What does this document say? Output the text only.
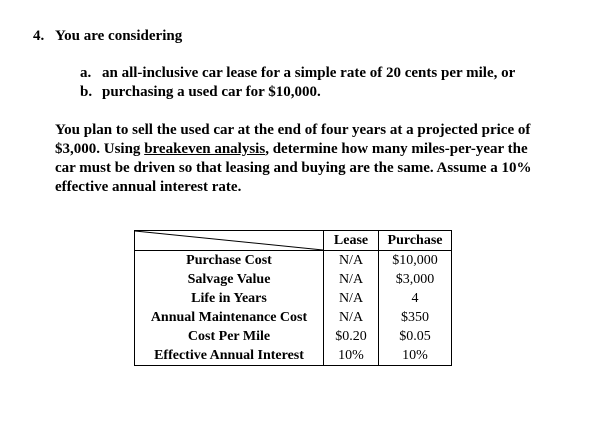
4. You are considering
a. an all-inclusive car lease for a simple rate of 20 cents per mile, or
b. purchasing a used car for $10,000.
You plan to sell the used car at the end of four years at a projected price of
$3,000. Using breakeven analysis, determine how many miles-per-year the
car must be driven so that leasing and buying are the same. Assume a 10%
effective annual interest rate.
	Lease	Purchase
Purchase Cost	N/A	$10,000
Salvage Value	N/A	$3,000
Life in Years	N/A	4
Annual Maintenance Cost	N/A	$350
Cost Per Mile	$0.20	$0.05
Effective Annual Interest	10%	10%
